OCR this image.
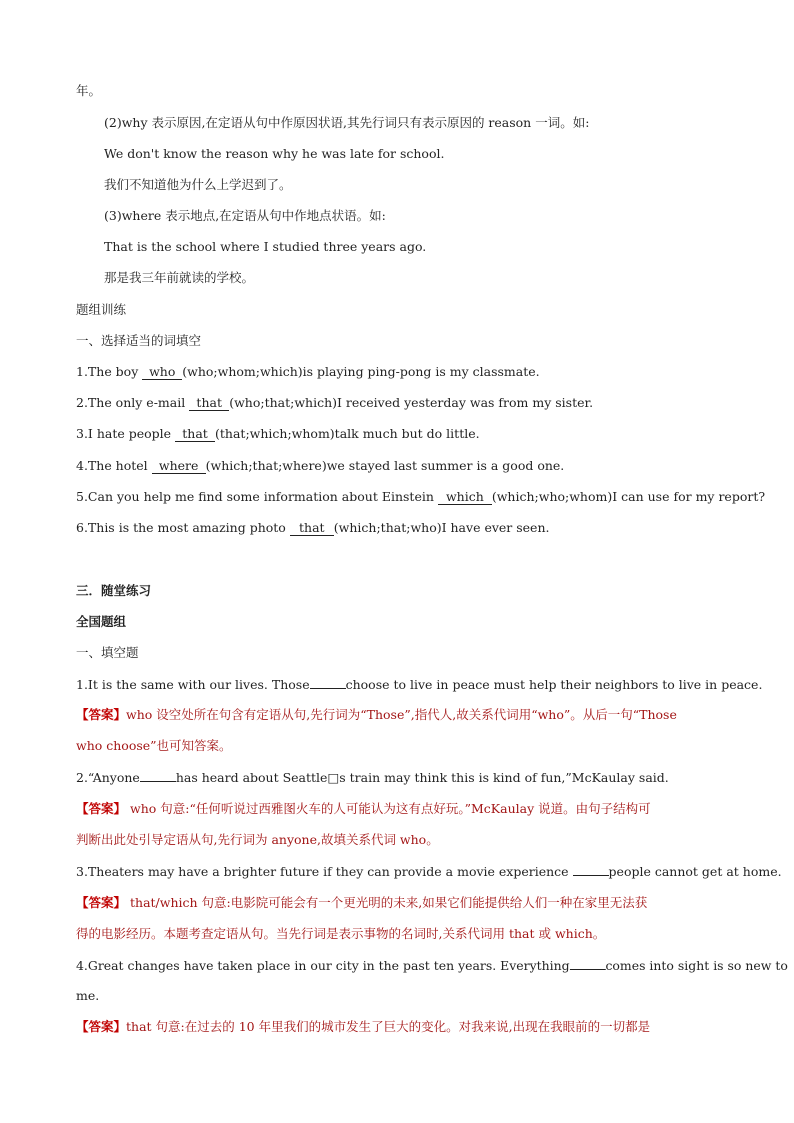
年。
(2)why 表示原因,在定语从句中作原因状语,其先行词只有表示原因的 reason 一词。如:
We don't know the reason why he was late for school.
我们不知道他为什么上学迟到了。
(3)where 表示地点,在定语从句中作地点状语。如:
That is the school where I studied three years ago.
那是我三年前就读的学校。
题组训练
一、选择适当的词填空
1.The boy who (who;whom;which)is playing ping-pong is my classmate.
2.The only e-mail that (who;that;which)I received yesterday was from my sister.
3.I hate people that (that;which;whom)talk much but do little.
4.The hotel where (which;that;where)we stayed last summer is a good one.
5.Can you help me find some information about Einstein which (which;who;whom)I can use for my report?
6.This is the most amazing photo that (which;that;who)I have ever seen.
三．随堂练习
全国题组
一、填空题
1.It is the same with our lives. Those	choose to live in peace must help their neighbors to live in peace.
【答案】who 设空处所在句含有定语从句,先行词为“Those”,指代人,故关系代词用“who”。从后一句“Those
who choose”也可知答案。
2.“Anyone	has heard about Seattle□s train may think this is kind of fun,”McKaulay said.
【答案】 who 句意:“任何听说过西雅图火车的人可能认为这有点好玩。”McKaulay 说道。由句子结构可
判断出此处引导定语从句,先行词为 anyone,故填关系代词 who。
3.Theaters may have a brighter future if they can provide a movie experience	people cannot get at home.
【答案】 that/which 句意:电影院可能会有一个更光明的未来,如果它们能提供给人们一种在家里无法获
得的电影经历。本题考查定语从句。当先行词是表示事物的名词时,关系代词用 that 或 which。
4.Great changes have taken place in our city in the past ten years. Everything	comes into sight is so new to
me.
【答案】that 句意:在过去的 10 年里我们的城市发生了巨大的变化。对我来说,出现在我眼前的一切都是
